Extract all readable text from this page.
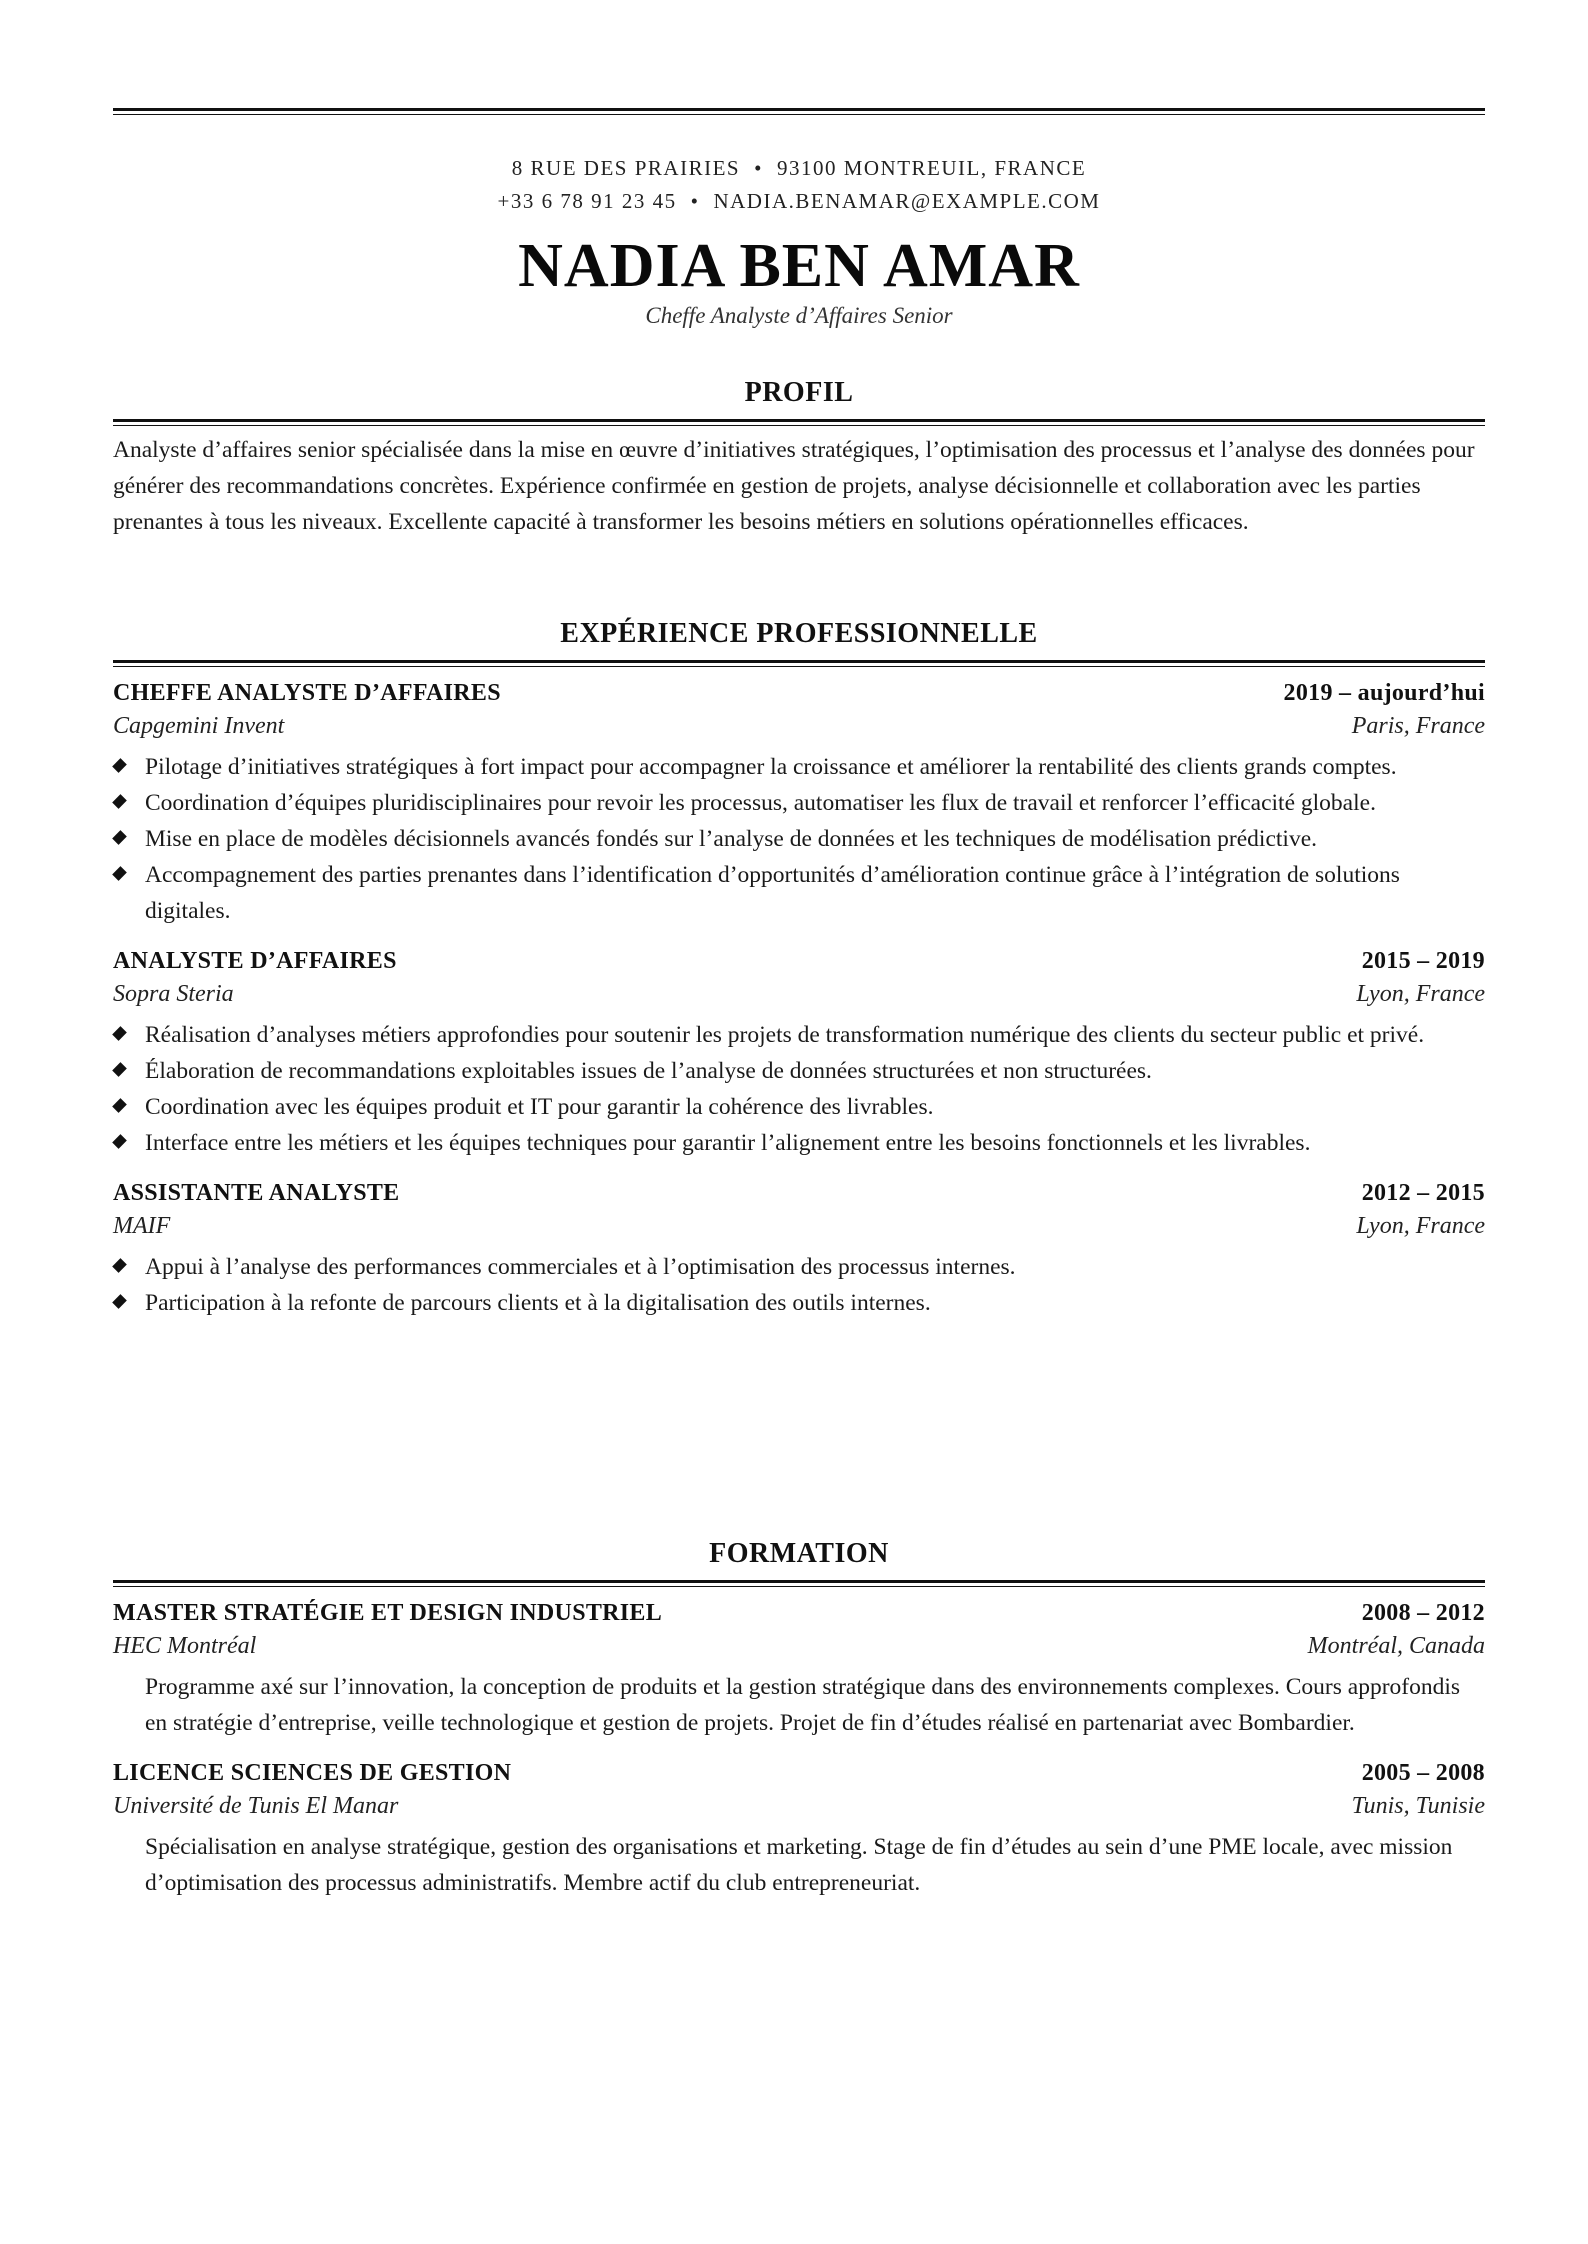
8 RUE DES PRAIRIES • 93100 MONTREUIL, FRANCE
+33 6 78 91 23 45 • NADIA.BENAMAR@EXAMPLE.COM
NADIA BEN AMAR
Cheffe Analyste d’Affaires Senior
PROFIL
Analyste d’affaires senior spécialisée dans la mise en œuvre d’initiatives stratégiques, l’optimisation des processus et l’analyse des données pour générer des recommandations concrètes. Expérience confirmée en gestion de projets, analyse décisionnelle et collaboration avec les parties prenantes à tous les niveaux. Excellente capacité à transformer les besoins métiers en solutions opérationnelles efficaces.
EXPÉRIENCE PROFESSIONNELLE
CHEFFE ANALYSTE D’AFFAIRES	2019 – aujourd’hui
Capgemini Invent	Paris, France
Pilotage d’initiatives stratégiques à fort impact pour accompagner la croissance et améliorer la rentabilité des clients grands comptes.
Coordination d’équipes pluridisciplinaires pour revoir les processus, automatiser les flux de travail et renforcer l’efficacité globale.
Mise en place de modèles décisionnels avancés fondés sur l’analyse de données et les techniques de modélisation prédictive.
Accompagnement des parties prenantes dans l’identification d’opportunités d’amélioration continue grâce à l’intégration de solutions digitales.
ANALYSTE D’AFFAIRES	2015 – 2019
Sopra Steria	Lyon, France
Réalisation d’analyses métiers approfondies pour soutenir les projets de transformation numérique des clients du secteur public et privé.
Élaboration de recommandations exploitables issues de l’analyse de données structurées et non structurées.
Coordination avec les équipes produit et IT pour garantir la cohérence des livrables.
Interface entre les métiers et les équipes techniques pour garantir l’alignement entre les besoins fonctionnels et les livrables.
ASSISTANTE ANALYSTE	2012 – 2015
MAIF	Lyon, France
Appui à l’analyse des performances commerciales et à l’optimisation des processus internes.
Participation à la refonte de parcours clients et à la digitalisation des outils internes.
FORMATION
MASTER STRATÉGIE ET DESIGN INDUSTRIEL	2008 – 2012
HEC Montréal	Montréal, Canada
Programme axé sur l’innovation, la conception de produits et la gestion stratégique dans des environnements complexes. Cours approfondis en stratégie d’entreprise, veille technologique et gestion de projets. Projet de fin d’études réalisé en partenariat avec Bombardier.
LICENCE SCIENCES DE GESTION	2005 – 2008
Université de Tunis El Manar	Tunis, Tunisie
Spécialisation en analyse stratégique, gestion des organisations et marketing. Stage de fin d’études au sein d’une PME locale, avec mission d’optimisation des processus administratifs. Membre actif du club entrepreneuriat.
